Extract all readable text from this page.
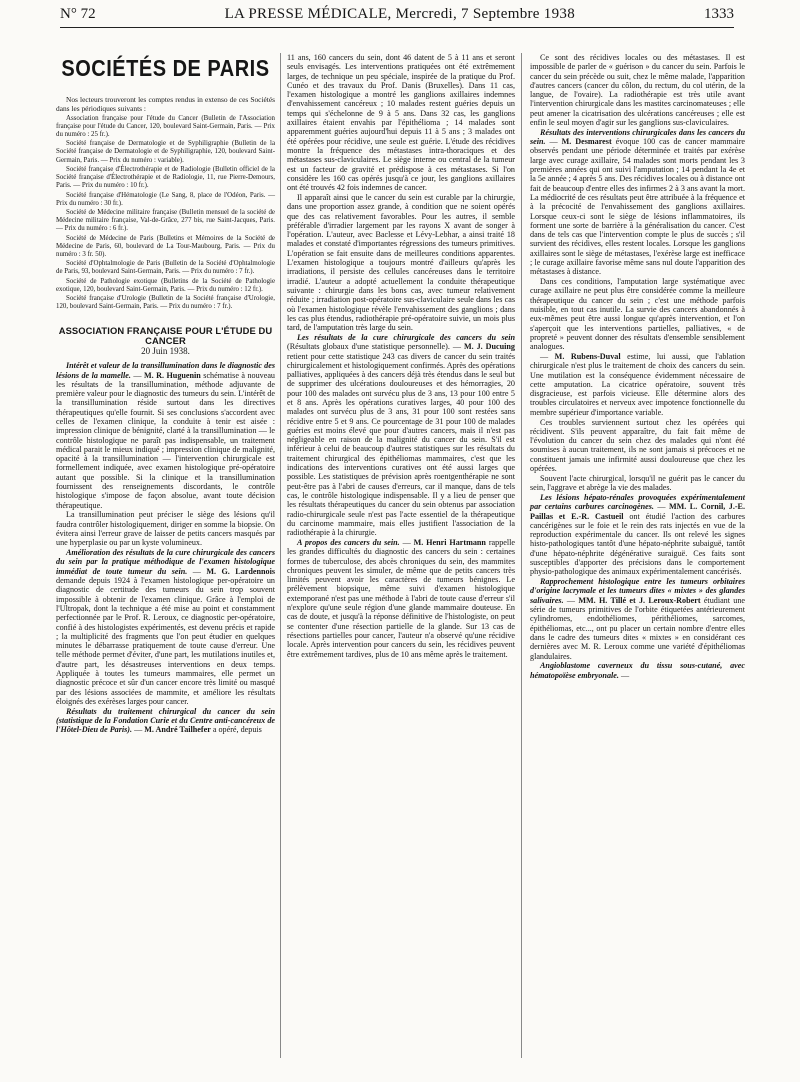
N° 72	LA PRESSE MÉDICALE, Mercredi, 7 Septembre 1938	1333
SOCIÉTÉS DE PARIS

Nos lecteurs trouveront les comptes rendus in extenso de ces Sociétés dans les périodiques suivants :

Association française pour l'étude du Cancer (Bulletin de l'Association française pour l'étude du Cancer, 120, boulevard Saint-Germain, Paris. — Prix du numéro : 25 fr.).

Société française de Dermatologie et de Syphiligraphie (Bulletin de la Société française de Dermatologie et de Syphiligraphie, 120, boulevard Saint-Germain, Paris. — Prix du numéro : variable).

Société française d'Électrothérapie et de Radiologie (Bulletin officiel de la Société française d'Électrothérapie et de Radiologie, 11, rue Pierre-Demours, Paris. — Prix du numéro : 10 fr.).

Société française d'Hématologie (Le Sang, 8, place de l'Odéon, Paris. — Prix du numéro : 30 fr.).

Société de Médecine militaire française (Bulletin mensuel de la société de Médecine militaire française, Val-de-Grâce, 277 bis, rue Saint-Jacques, Paris. — Prix du numéro : 6 fr.).

Société de Médecine de Paris (Bulletins et Mémoires de la Société de Médecine de Paris, 60, boulevard de La Tour-Maubourg, Paris. — Prix du numéro : 3 fr. 50).

Société d'Ophtalmologie de Paris (Bulletin de la Société d'Ophtalmologie de Paris, 93, boulevard Saint-Germain, Paris. — Prix du numéro : 7 fr.).

Société de Pathologie exotique (Bulletins de la Société de Pathologie exotique, 120, boulevard Saint-Germain, Paris. — Prix du numéro : 12 fr.).

Société française d'Urologie (Bulletin de la Société française d'Urologie, 120, boulevard Saint-Germain, Paris. — Prix du numéro : 7 fr.).

ASSOCIATION FRANÇAISE POUR L'ÉTUDE DU CANCER
20 Juin 1938.

Intérêt et valeur de la transillumination dans le diagnostic des lésions de la mamelle. — M. R. Huguenin schématise à nouveau les résultats de la transillumination, méthode adjuvante de première valeur pour le diagnostic des tumeurs du sein. L'intérêt de la transillumination réside surtout dans les directives thérapeutiques qu'elle fournit. Si ses conclusions s'accordent avec celles de l'examen clinique, la conduite à tenir est aisée : impression clinique de bénignité, clarté à la transillumination — le contrôle histologique ne paraît pas indispensable, un traitement médical parait le mieux indiqué ; impression clinique de malignité, opacité à la transillumination — l'intervention chirurgicale est formellement indiquée, avec examen histologique pré-opératoire autant que possible. Si la clinique et la transillumination fournissent des renseignements discordants, le contrôle histologique s'impose de façon absolue, avant toute décision thérapeutique.

La transillumination peut préciser le siège des lésions qu'il faudra contrôler histologiquement, diriger en somme la biopsie. On évitera ainsi l'erreur grave de laisser de petits cancers masqués par une hyperplasie ou par un kyste volumineux.

Amélioration des résultats de la cure chirurgicale des cancers du sein par la pratique méthodique de l'examen histologique immédiat de toute tumeur du sein. — M. G. Lardennois demande depuis 1924 à l'examen histologique per-opératoire un diagnostic de certitude des tumeurs du sein trop souvent impossible à obtenir de l'examen clinique. Grâce à l'emploi de l'Ultropak, dont la technique a été mise au point et constamment perfectionnée par le Prof. R. Leroux, ce diagnostic per-opératoire, confié à des histologistes expérimentés, est devenu précis et rapide ; la multiplicité des fragments que l'on peut étudier en quelques minutes le débarrasse pratiquement de toute cause d'erreur. Une telle méthode permet d'éviter, d'une part, les mutilations inutiles et, d'autre part, les désastreuses interventions en deux temps. Appliquée à toutes les tumeurs mammaires, elle permet un diagnostic précoce et sûr d'un cancer encore très limité ou masqué par des lésions associées de mammite, et améliore les résultats éloignés des exérèses larges pour cancer.

Résultats du traitement chirurgical du cancer du sein (statistique de la Fondation Curie et du Centre anti-cancéreux de l'Hôtel-Dieu de Paris). — M. André Tailhefer a opéré, depuis

11 ans, 160 cancers du sein, dont 46 datent de 5 à 11 ans et seront seuls envisagés. Les interventions pratiquées ont été extrêmement larges, de technique un peu spéciale, inspirée de la pratique du Prof. Cunéo et des travaux du Prof. Danis (Bruxelles). Dans 11 cas, l'examen histologique a montré les ganglions axillaires indemnes d'envahissement cancéreux ; 10 malades restent guéries depuis un temps qui s'échelonne de 9 à 5 ans. Dans 32 cas, les ganglions axillaires étaient envahis par l'épithélioma ; 14 malades sont apparemment guéries aujourd'hui depuis 11 à 5 ans ; 3 malades ont été opérées pour récidive, une seule est guérie. L'étude des récidives montre la fréquence des métastases intra-thoraciques et des métastases sus-claviculaires. Le siège interne ou central de la tumeur est un facteur de gravité et prédispose à ces métastases. Si l'on considère les 160 cas opérés jusqu'à ce jour, les ganglions axillaires ont été trouvés 42 fois indemnes de cancer.

Il apparaît ainsi que le cancer du sein est curable par la chirurgie, dans une proportion assez grande, à condition que ne soient opérés que des cas relativement favorables. Pour les autres, il semble préférable d'irradier largement par les rayons X avant de songer à l'opération. L'auteur, avec Baclesse et Lévy-Lebhar, a ainsi traité 18 malades et constaté d'importantes régressions des tumeurs primitives. L'opération se fait ensuite dans de meilleures conditions apparentes. L'examen histologique a toujours montré d'ailleurs qu'après les irradiations, il persiste des cellules cancéreuses dans le territoire irradié. L'auteur a adopté actuellement la conduite thérapeutique suivante : chirurgie dans les bons cas, avec tumeur relativement réduite ; irradiation post-opératoire sus-claviculaire seule dans les cas où l'examen histologique révèle l'envahissement des ganglions ; dans les cas plus étendus, radiothérapie pré-opératoire suivie, un mois plus tard, de l'amputation très large du sein.

Les résultats de la cure chirurgicale des cancers du sein (Résultats globaux d'une statistique personnelle). — M. J. Ducuing retient pour cette statistique 243 cas divers de cancer du sein traités chirurgicalement et histologiquement confirmés. Après des opérations palliatives, appliquées à des cancers déjà très étendus dans le seul but de supprimer des ulcérations douloureuses et des hémorragies, 20 pour 100 des malades ont survécu plus de 3 ans, 13 pour 100 entre 5 et 8 ans. Après les opérations curatives larges, 40 pour 100 des malades ont survécu plus de 3 ans, 31 pour 100 sont restées sans récidive entre 5 et 9 ans. Ce pourcentage de 31 pour 100 de malades guéries est moins élevé que pour d'autres cancers, mais il n'est pas négligeable en raison de la malignité du cancer du sein. S'il est inférieur à celui de beaucoup d'autres statistiques sur les résultats du traitement chirurgical des épithéliomas mammaires, c'est que les indications des interventions curatives ont été aussi larges que possible. Les statistiques de prévision après roentgenthérapie ne sont peut-être pas à l'abri de causes d'erreurs, car il manque, dans de tels cas, le contrôle histologique indispensable. Il y a lieu de penser que les résultats thérapeutiques du cancer du sein obtenus par association radio-chirurgicale seule n'est pas l'acte essentiel de la thérapeutique du carcinome mammaire, mais elles justifient l'association de la radiothérapie à la chirurgie.

A propos des cancers du sein. — M. Henri Hartmann rappelle les grandes difficultés du diagnostic des cancers du sein : certaines formes de tuberculose, des abcès chroniques du sein, des mammites chroniques peuvent les simuler, de même que de petits cancers très limités peuvent avoir les caractères de tumeurs bénignes. Le prélèvement biopsique, même suivi d'examen histologique extemporané n'est pas une méthode à l'abri de toute cause d'erreur s'il n'explore qu'une seule région d'une glande mammaire douteuse. En cas de doute, et jusqu'à la réponse définitive de l'histologiste, on peut se contenter d'une résection partielle de la glande. Sur 13 cas de résections partielles pour cancer, l'auteur n'a observé qu'une récidive locale. Après intervention pour cancers du sein, les récidives peuvent être extrêmement tardives, plus de 10 ans même après le traitement.

Ce sont des récidives locales ou des métastases. Il est impossible de parler de « guérison » du cancer du sein. Parfois le cancer du sein précède ou suit, chez le même malade, l'apparition d'autres cancers (cancer du côlon, du rectum, du col utérin, de la langue, de l'ovaire). La radiothérapie est très utile avant l'intervention chirurgicale dans les mastites carcinomateuses ; elle peut amener la cicatrisation des ulcérations cancéreuses ; elle est enfin le seul moyen d'agir sur les ganglions sus-claviculaires.

Résultats des interventions chirurgicales dans les cancers du sein. — M. Desmarest évoque 100 cas de cancer mammaire observés pendant une période déterminée et traités par exérèse large avec curage axillaire, 54 malades sont morts pendant les 3 premières années qui ont suivi l'amputation ; 14 pendant la 4e et la 5e année ; 4 après 5 ans. Des récidives locales ou à distance ont fait de beaucoup d'entre elles des infirmes 2 à 3 ans avant la mort. La médiocrité de ces résultats peut être attribuée à la fréquence et à la précocité de l'envahissement des ganglions axillaires. Lorsque ceux-ci sont le siège de lésions inflammatoires, ils forment une sorte de barrière à la généralisation du cancer. C'est dans de tels cas que l'intervention compte le plus de succès ; s'il survient des récidives, elles restent locales. Lorsque les ganglions axillaires sont le siège de métastases, l'exérèse large est inefficace ; le curage axillaire favorise même sans nul doute l'apparition des métastases à distance.

Dans ces conditions, l'amputation large systématique avec curage axillaire ne peut plus être considérée comme la meilleure thérapeutique du cancer du sein ; c'est une méthode parfois nuisible, en tout cas inutile. La survie des cancers abandonnés à eux-mêmes peut être aussi longue qu'après intervention, et l'on s'aperçoit que les interventions partielles, palliatives, « de propreté » peuvent donner des résultats d'ensemble sensiblement analogues.

— M. Rubens-Duval estime, lui aussi, que l'ablation chirurgicale n'est plus le traitement de choix des cancers du sein. Une mutilation est la conséquence évidemment nécessaire de cette amputation. La cicatrice opératoire, souvent très disgracieuse, est parfois vicieuse. Elle détermine alors des troubles circulatoires et nerveux avec impotence fonctionnelle du membre supérieur d'importance variable.

Ces troubles surviennent surtout chez les opérées qui récidivent. S'ils peuvent apparaître, du fait fait même de l'évolution du cancer du sein chez des malades qui n'ont été soumises à aucun traitement, ils ne sont jamais si précoces et ne constituent jamais une infirmité aussi douloureuse que chez les opérées.

Souvent l'acte chirurgical, lorsqu'il ne guérit pas le cancer du sein, l'aggrave et abrège la vie des malades.

Les lésions hépato-rénales provoquées expérimentalement par certains carbures carcinogènes. — MM. L. Cornil, J.-E. Paillas et E.-R. Castueil ont étudié l'action des carbures cancérigènes sur le foie et le rein des rats injectés en vue de la reproduction expérimentale du cancer. Ils ont relevé les signes histo-pathologiques tantôt d'une hépato-néphrite subaiguë, tantôt d'une hépato-néphrite dégénérative suraiguë. Ces faits sont susceptibles d'apporter des précisions dans le comportement physio-pathologique des animaux expérimentalement cancérisés.

Rapprochement histologique entre les tumeurs orbitaires d'origine lacrymale et les tumeurs dites « mixtes » des glandes salivaires. — MM. H. Tillé et J. Leroux-Robert étudiant une série de tumeurs primitives de l'orbite étiquetées antérieurement cylindromes, endothéliomes, périthéliomes, sarcomes, épithéliomas, etc..., ont pu placer un certain nombre d'entre elles dans le cadre des tumeurs dites « mixtes » en considérant ces dernières avec M. R. Leroux comme une variété d'épithéliomas glandulaires.

Angioblastome caverneux du tissu sous-cutané, avec hématopoïèse embryonale. —
